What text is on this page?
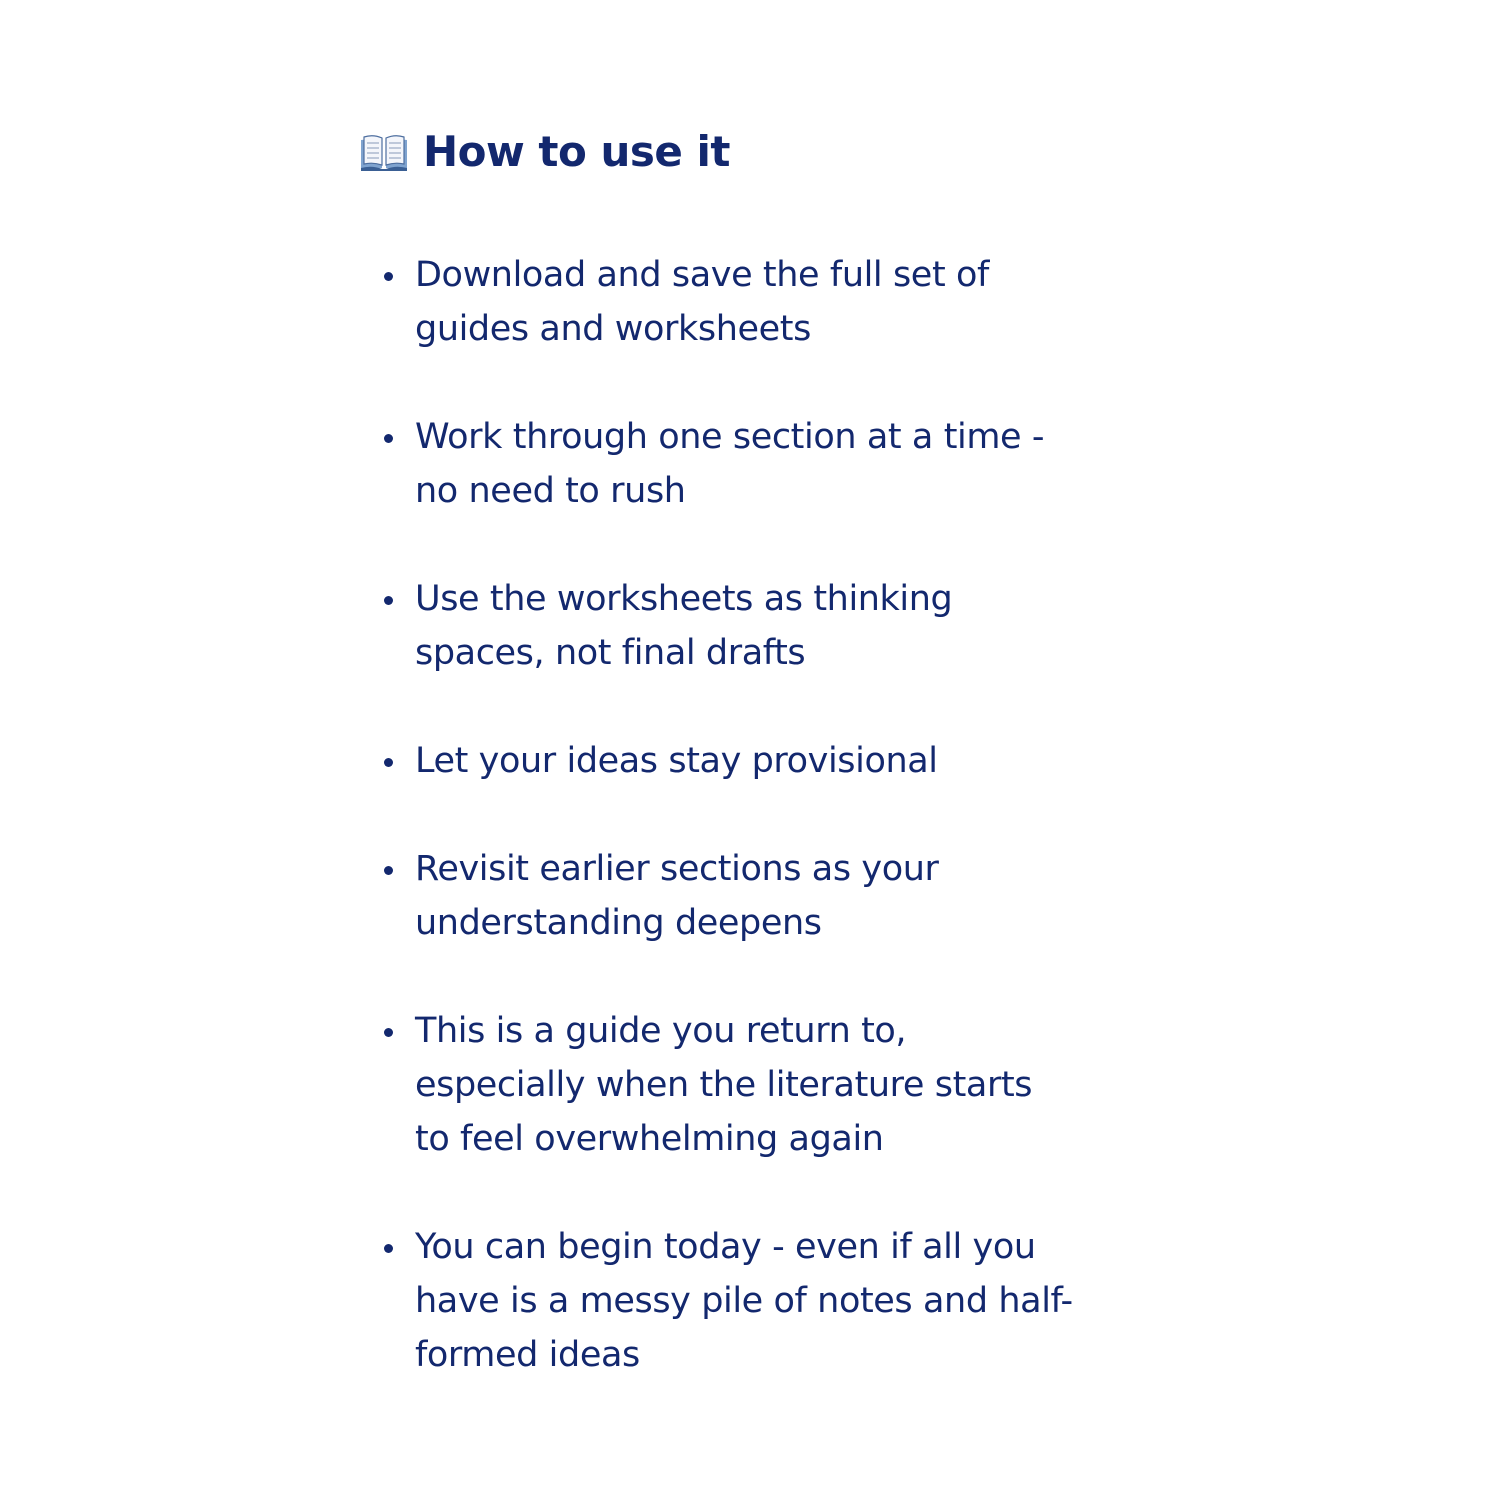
How to use it
Download and save the full set of
guides and worksheets
Work through one section at a time -
no need to rush
Use the worksheets as thinking
spaces, not final drafts
Let your ideas stay provisional
Revisit earlier sections as your
understanding deepens
This is a guide you return to,
especially when the literature starts
to feel overwhelming again
You can begin today - even if all you
have is a messy pile of notes and half-
formed ideas
